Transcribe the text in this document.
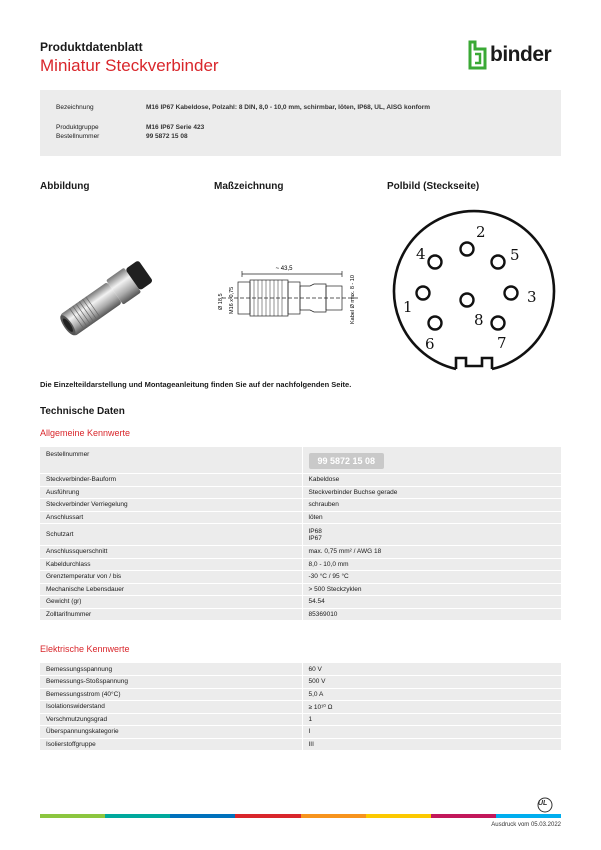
Produktdatenblatt
Miniatur Steckverbinder	binder
Bezeichnung	M16 IP67 Kabeldose, Polzahl: 8 DIN, 8,0 - 10,0 mm, schirmbar, löten, IP68, UL, AISG konform
Produktgruppe	M16 IP67 Serie 423
Bestellnummer	99 5872 15 08
Abbildung	Maßzeichnung	Polbild (Steckseite)
~ 43,5
Ø 18,5 M16 x 0,75	Kabel Ø max. 8 - 10	1
2
3
4	5
6	7
8
Die Einzelteildarstellung und Montageanleitung finden Sie auf der nachfolgenden Seite.
Technische Daten
Allgemeine Kennwerte
Bestellnummer	99 5872 15 08
Steckverbinder-Bauform	Kabeldose
Ausführung	Steckverbinder Buchse gerade
Steckverbinder Verriegelung	schrauben
Anschlussart	löten
Schutzart	IP68
IP67

Anschlussquerschnitt	max. 0,75 mm² / AWG 18
Kabeldurchlass	8,0 - 10,0 mm
Grenztemperatur von / bis	-30 °C / 95 °C
Mechanische Lebensdauer	> 500 Steckzyklen
Gewicht (gr)	54.54
Zolltarifnummer	85369010
Elektrische Kennwerte
Bemessungsspannung	60 V
Bemessungs-Stoßspannung	500 V
Bemessungsstrom (40°C)	5,0 A
Isolationswiderstand	≥ 10¹⁰ Ω
Verschmutzungsgrad	1
Überspannungskategorie	I
Isolierstoffgruppe	III
UL
Ausdruck vom 05.03.2022
